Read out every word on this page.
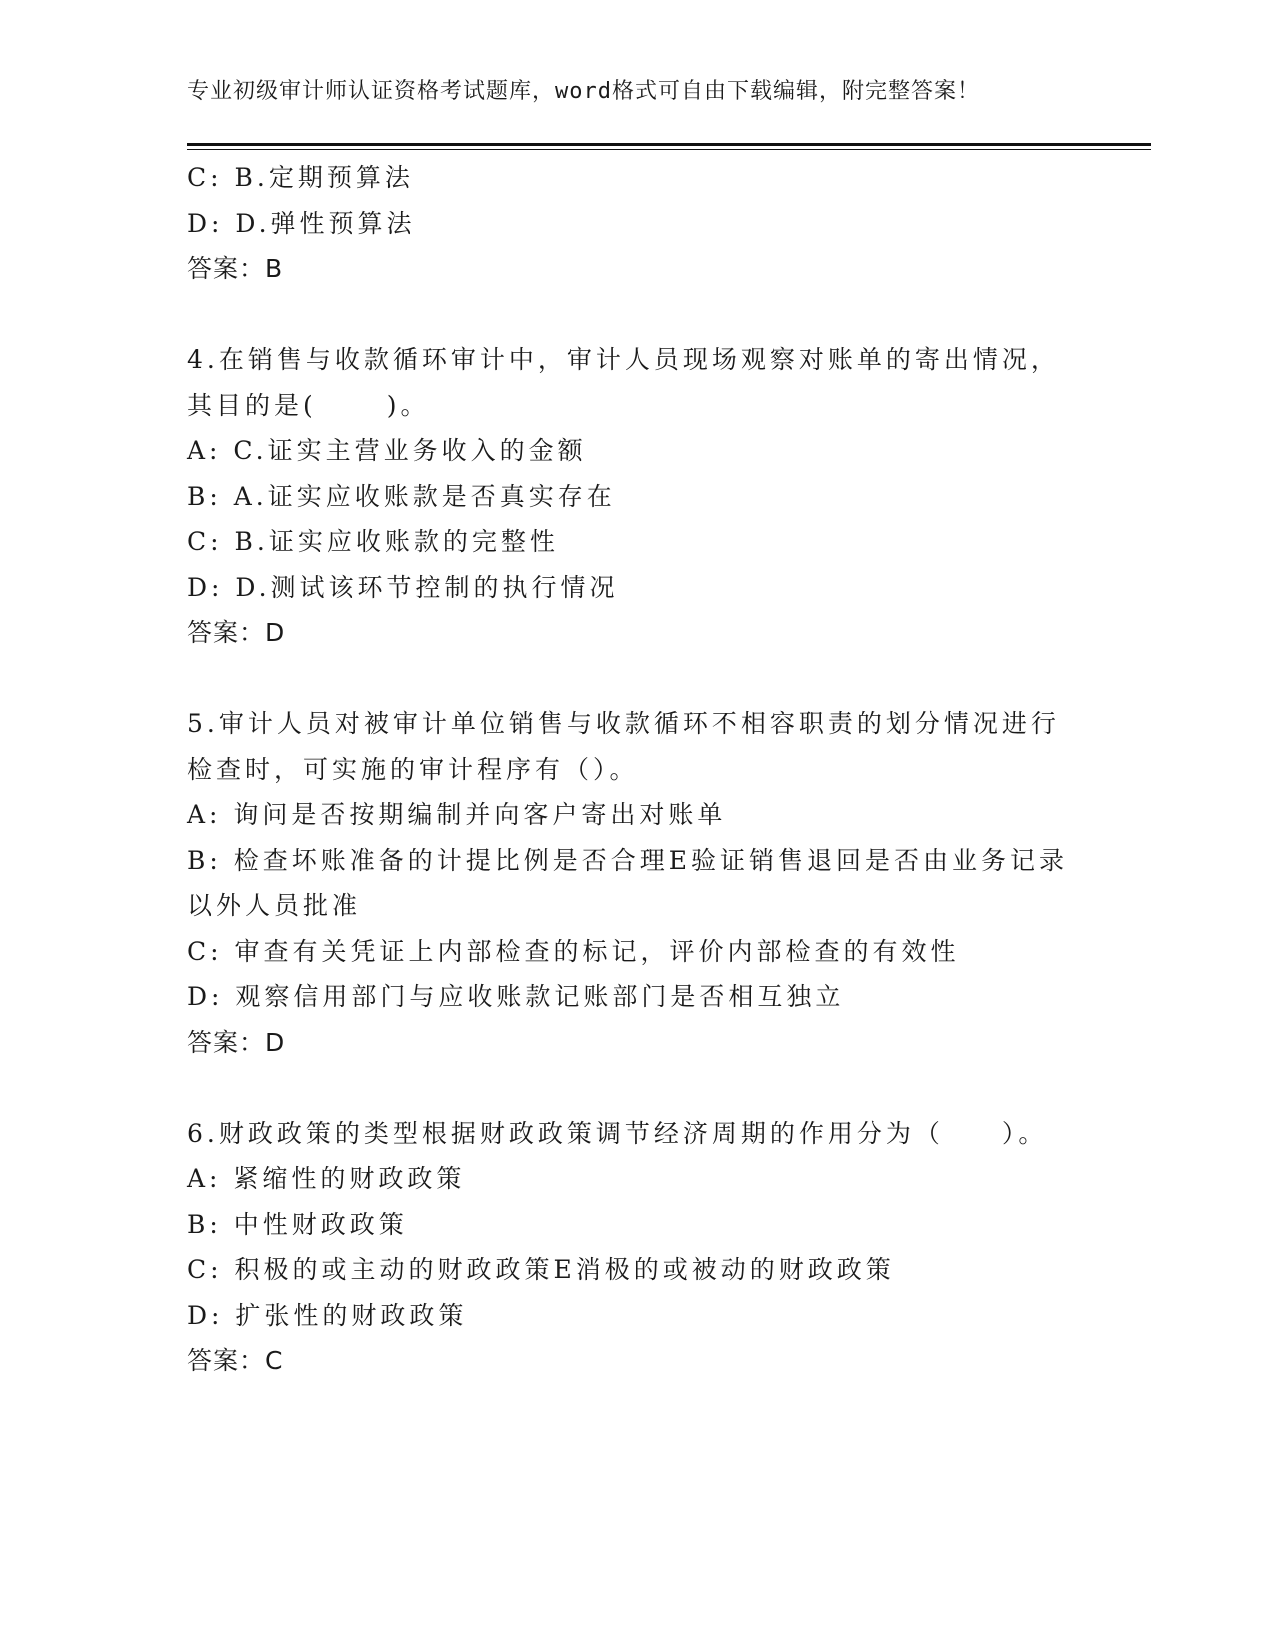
专业初级审计师认证资格考试题库，word格式可自由下载编辑，附完整答案！
C: B.定期预算法
D: D.弹性预算法
答案：B
4.在销售与收款循环审计中，审计人员现场观察对账单的寄出情况，
其目的是(　　 )。
A: C.证实主营业务收入的金额
B: A.证实应收账款是否真实存在
C: B.证实应收账款的完整性
D: D.测试该环节控制的执行情况
答案：D
5.审计人员对被审计单位销售与收款循环不相容职责的划分情况进行
检查时，可实施的审计程序有（）。
A: 询问是否按期编制并向客户寄出对账单
B: 检查坏账准备的计提比例是否合理E验证销售退回是否由业务记录
以外人员批准
C: 审查有关凭证上内部检查的标记，评价内部检查的有效性
D: 观察信用部门与应收账款记账部门是否相互独立
答案：D
6.财政政策的类型根据财政政策调节经济周期的作用分为（　　）。
A: 紧缩性的财政政策
B: 中性财政政策
C: 积极的或主动的财政政策E消极的或被动的财政政策
D: 扩张性的财政政策
答案：C
